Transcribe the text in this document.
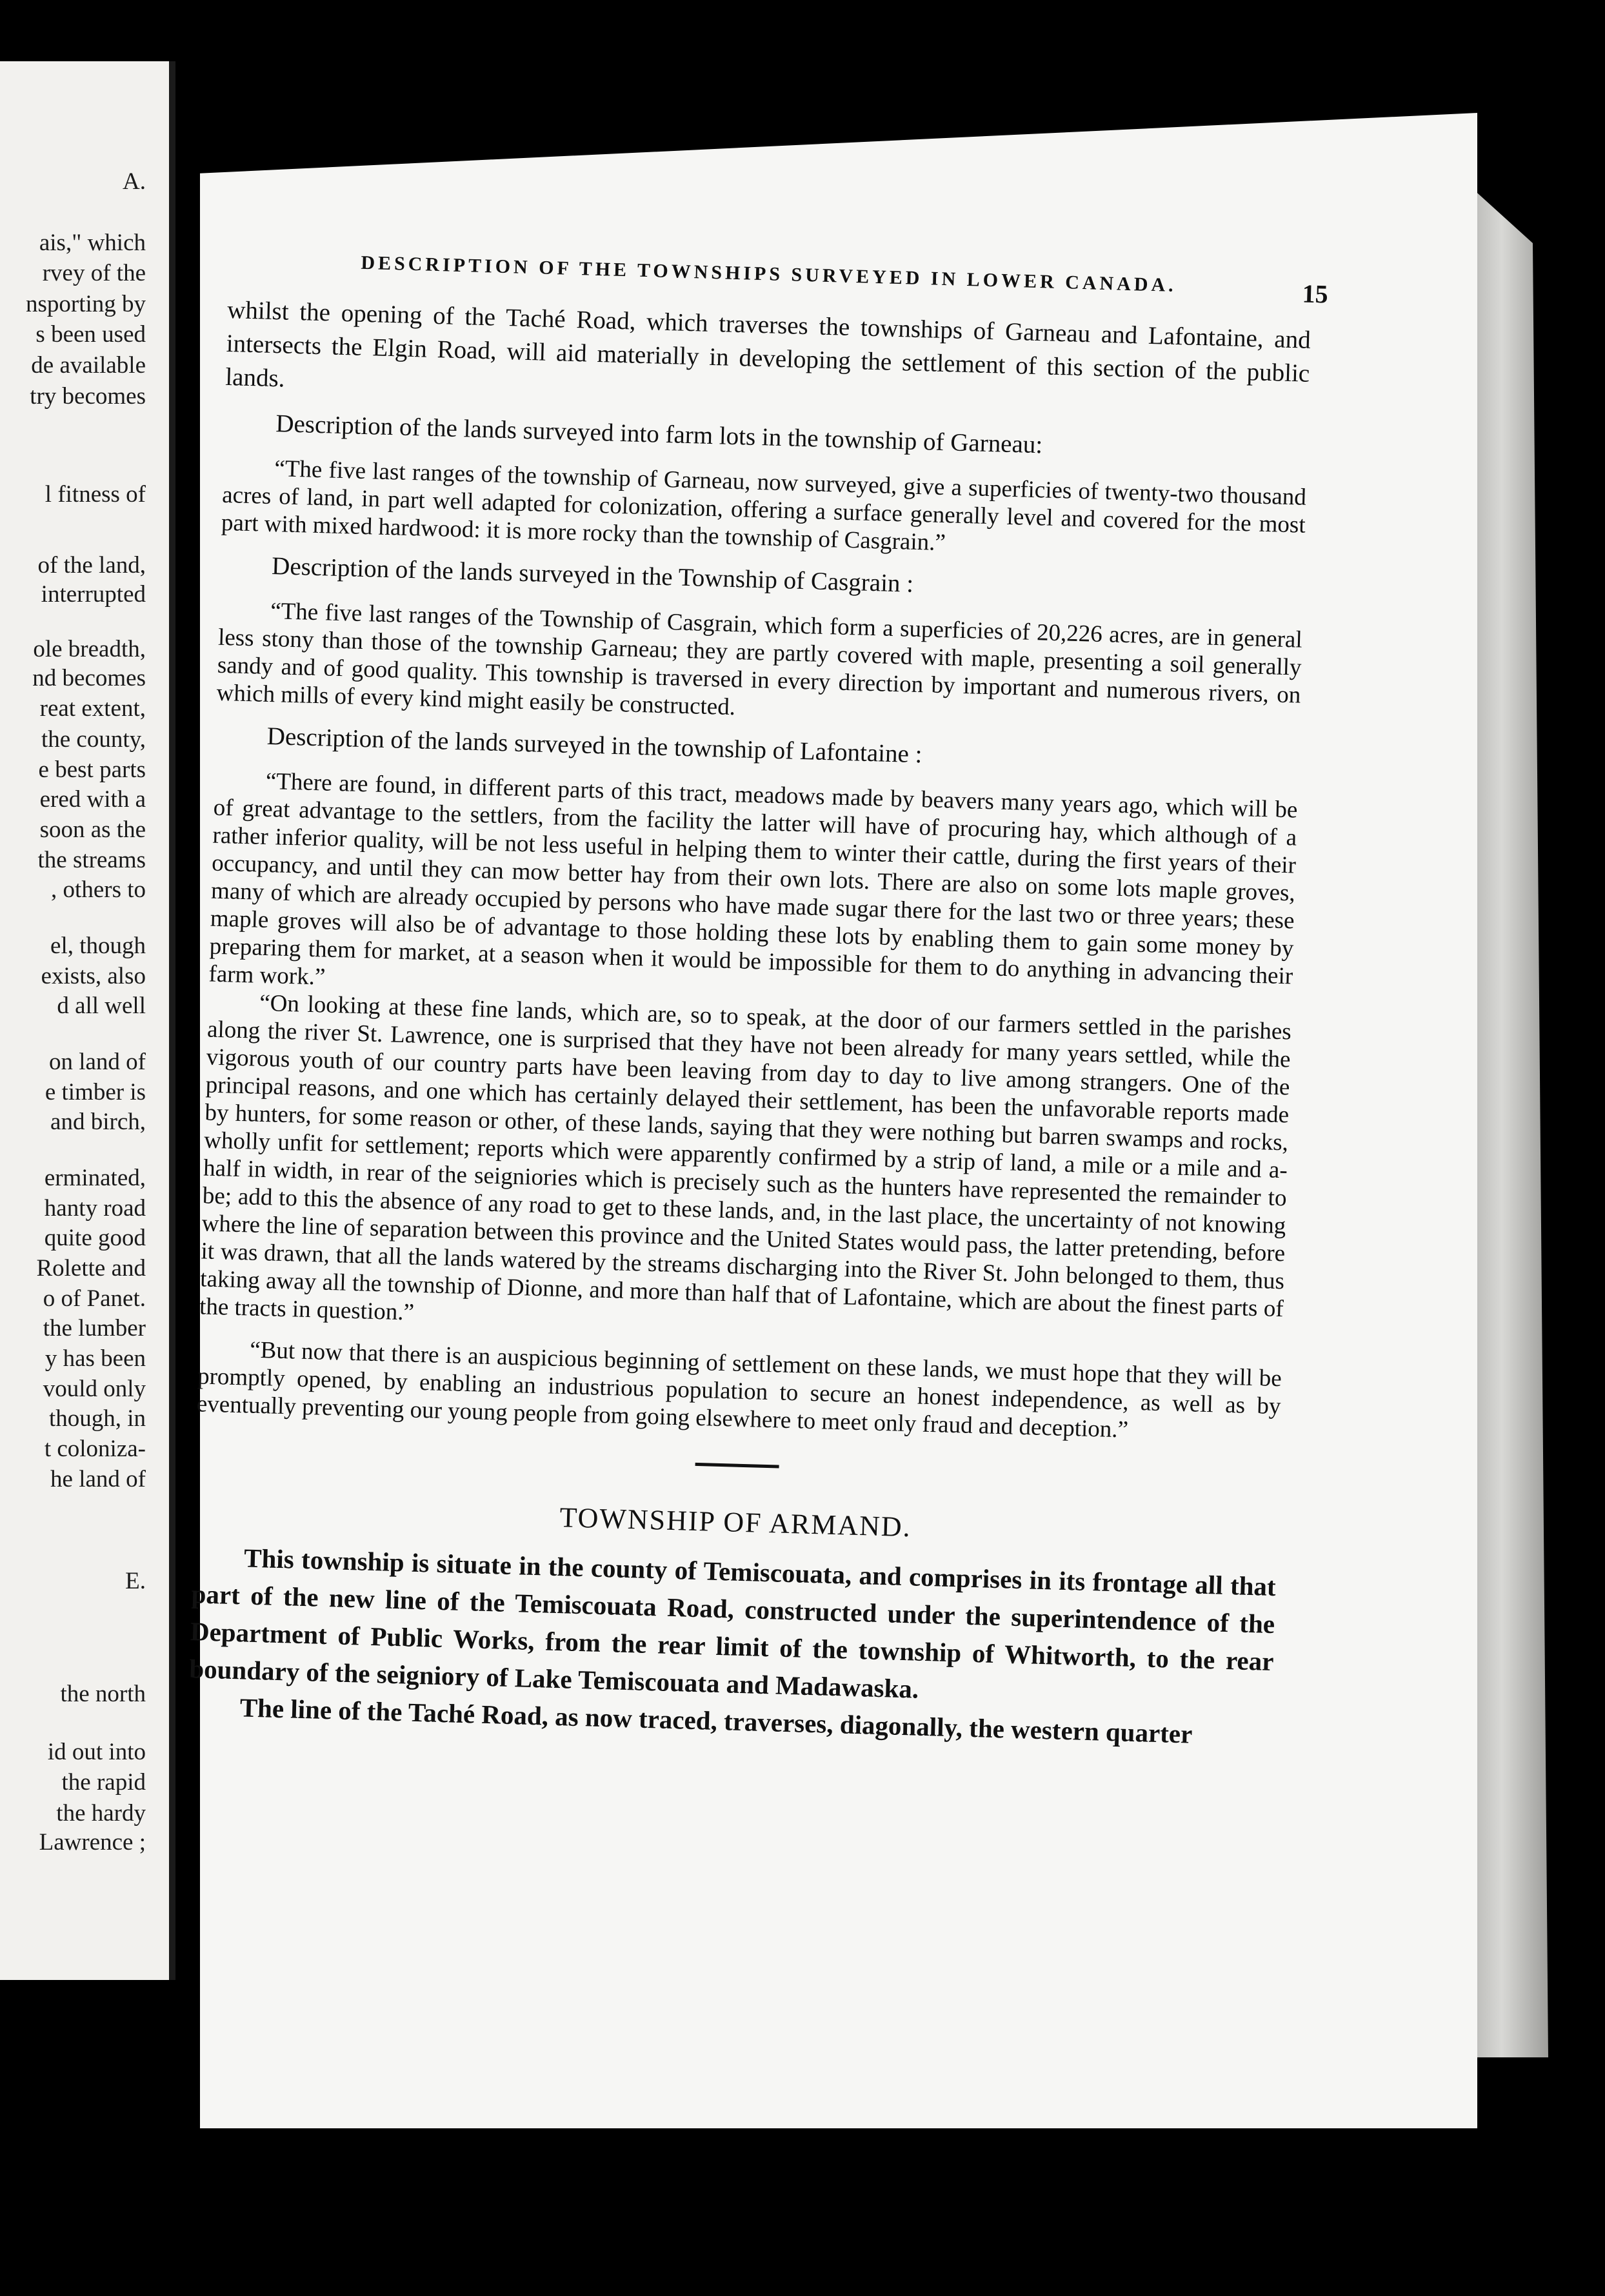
A.
ais," which
rvey of the
nsporting by
s been used
de available
try becomes
l fitness of
of the land,
interrupted
ole breadth,
nd becomes
reat extent,
the county,
e best parts
ered with a
soon as the
the streams
, others to
el, though
exists, also
d all well
on land of
e timber is
and birch,
erminated,
hanty road
quite good
Rolette and
o of Panet.
the lumber
y has been
vould only
though, in
t coloniza-
he land of
E.
the north
id out into
the rapid
the hardy
Lawrence ;
DESCRIPTION OF THE TOWNSHIPS SURVEYED IN LOWER CANADA.	15

whilst the opening of the Taché Road, which traverses the townships of Garneau and Lafontaine, and intersects the Elgin Road, will aid materially in developing the settlement of this section of the public lands.

Description of the lands surveyed into farm lots in the township of Garneau:

“The five last ranges of the township of Garneau, now surveyed, give a superficies of twenty-two thousand acres of land, in part well adapted for colonization, offering a surface generally level and covered for the most part with mixed hardwood: it is more rocky than the township of Casgrain.”

Description of the lands surveyed in the Township of Casgrain :

“The five last ranges of the Township of Casgrain, which form a superficies of 20,226 acres, are in general less stony than those of the township Garneau; they are partly covered with maple, presenting a soil generally sandy and of good quality. This township is traversed in every direction by important and numerous rivers, on which mills of every kind might easily be constructed.

Description of the lands surveyed in the township of Lafontaine :

“There are found, in different parts of this tract, meadows made by beavers many years ago, which will be of great advantage to the settlers, from the facility the latter will have of procuring hay, which although of a rather inferior quality, will be not less useful in helping them to winter their cattle, during the first years of their occupancy, and until they can mow better hay from their own lots. There are also on some lots maple groves, many of which are already occupied by persons who have made sugar there for the last two or three years; these maple groves will also be of advantage to those holding these lots by enabling them to gain some money by preparing them for market, at a season when it would be impossible for them to do anything in advancing their farm work.”

“On looking at these fine lands, which are, so to speak, at the door of our farmers settled in the parishes along the river St. Lawrence, one is surprised that they have not been already for many years settled, while the vigorous youth of our country parts have been leaving from day to day to live among strangers. One of the principal reasons, and one which has certainly delayed their settlement, has been the unfavorable reports made by hunters, for some reason or other, of these lands, saying that they were nothing but barren swamps and rocks, wholly unfit for settlement; reports which were apparently confirmed by a strip of land, a mile or a mile and a-half in width, in rear of the seigniories which is precisely such as the hunters have represented the remainder to be; add to this the absence of any road to get to these lands, and, in the last place, the uncertainty of not knowing where the line of separation between this province and the United States would pass, the latter pretending, before it was drawn, that all the lands watered by the streams discharging into the River St. John belonged to them, thus taking away all the township of Dionne, and more than half that of Lafontaine, which are about the finest parts of the tracts in question.”

“But now that there is an auspicious beginning of settlement on these lands, we must hope that they will be promptly opened, by enabling an industrious population to secure an honest independence, as well as by eventually preventing our young people from going elsewhere to meet only fraud and deception.”

TOWNSHIP OF ARMAND.

This township is situate in the county of Temiscouata, and comprises in its frontage all that part of the new line of the Temiscouata Road, constructed under the superintendence of the Department of Public Works, from the rear limit of the township of Whitworth, to the rear boundary of the seigniory of Lake Temiscouata and Madawaska.

The line of the Taché Road, as now traced, traverses, diagonally, the western quarter
